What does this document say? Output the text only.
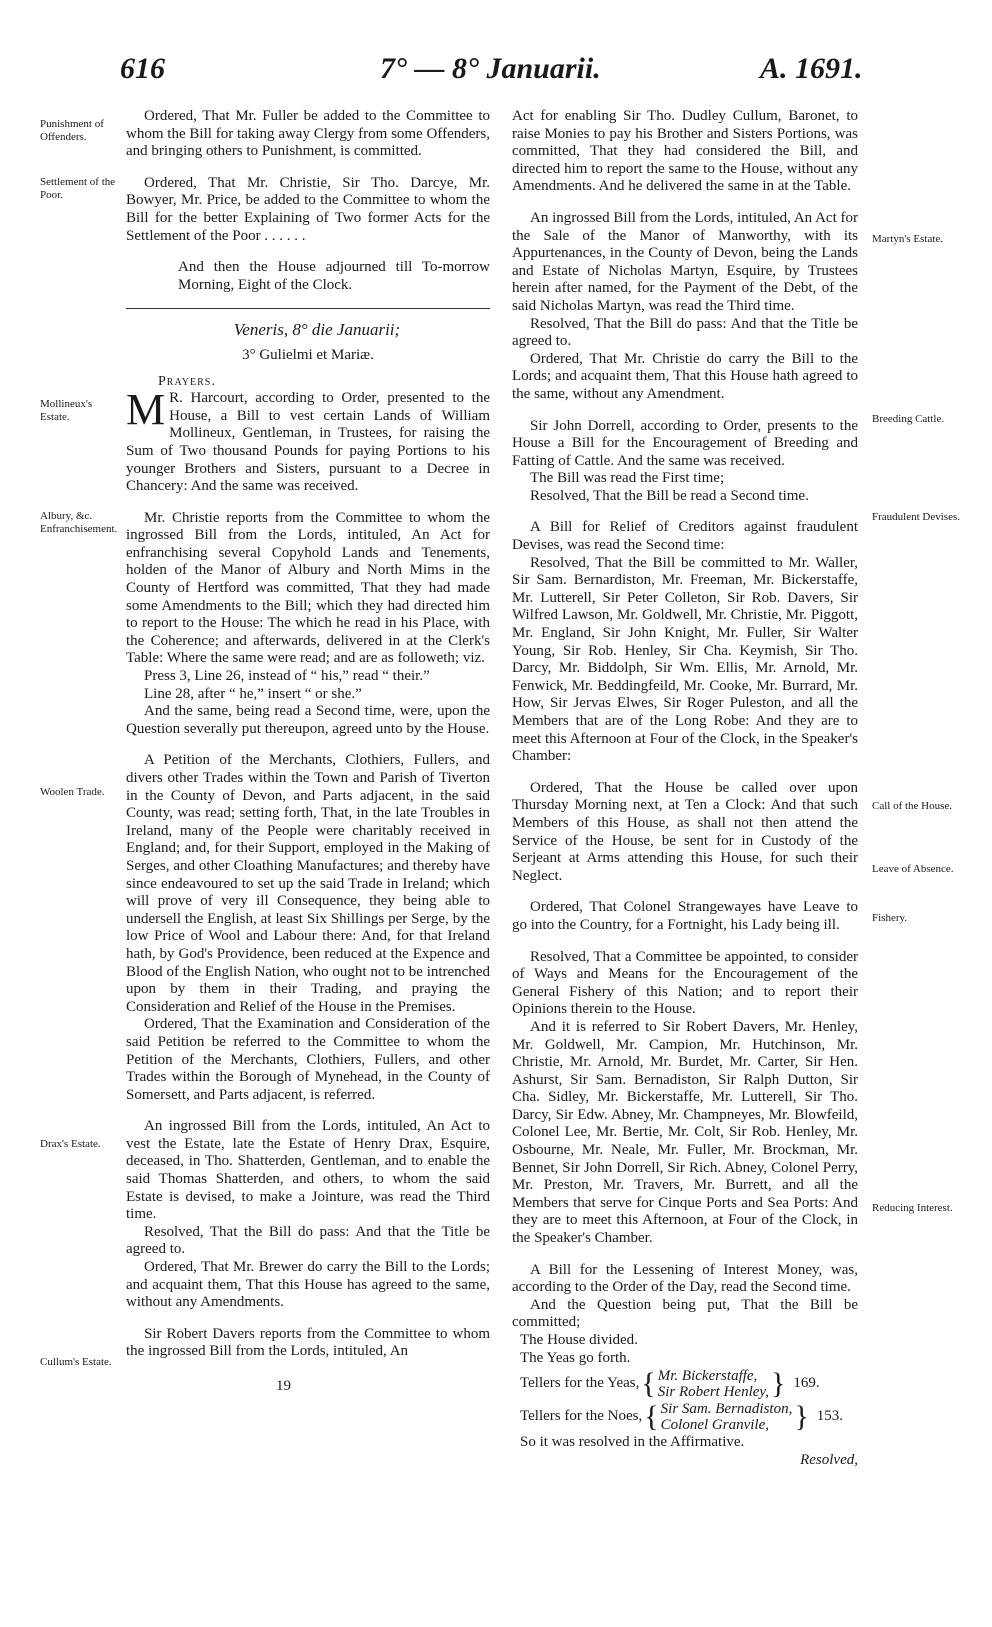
616	7° — 8° Januarii.	A. 1691.
Punishment of Offenders.
Settlement of the Poor.
Mollineux's Estate.
Albury, &c. Enfranchisement.
Woolen Trade.
Drax's Estate.
Cullum's Estate.
Martyn's Estate.
Breeding Cattle.
Fraudulent Devises.
Call of the House.
Leave of Absence.
Fishery.
Reducing Interest.

Ordered, That Mr. Fuller be added to the Committee to whom the Bill for taking away Clergy from some Offenders, and bringing others to Punishment, is committed.

Ordered, That Mr. Christie, Sir Tho. Darcye, Mr. Bowyer, Mr. Price, be added to the Committee to whom the Bill for the better Explaining of Two former Acts for the Settlement of the Poor . . . . . .

And then the House adjourned till To-morrow Morning, Eight of the Clock.

Veneris, 8° die Januarii;

3° Gulielmi et Mariæ.

Prayers.

M R. Harcourt, according to Order, presented to the House, a Bill to vest certain Lands of William Mollineux, Gentleman, in Trustees, for raising the Sum of Two thousand Pounds for paying Portions to his younger Brothers and Sisters, pursuant to a Decree in Chancery: And the same was received.

Mr. Christie reports from the Committee to whom the ingrossed Bill from the Lords, intituled, An Act for enfranchising several Copyhold Lands and Tenements, holden of the Manor of Albury and North Mims in the County of Hertford was committed, That they had made some Amendments to the Bill; which they had directed him to report to the House: The which he read in his Place, with the Coherence; and afterwards, delivered in at the Clerk's Table: Where the same were read; and are as followeth; viz.

Press 3, Line 26, instead of “ his,” read “ their.”

Line 28, after “ he,” insert “ or she.”

And the same, being read a Second time, were, upon the Question severally put thereupon, agreed unto by the House.

A Petition of the Merchants, Clothiers, Fullers, and divers other Trades within the Town and Parish of Tiverton in the County of Devon, and Parts adjacent, in the said County, was read; setting forth, That, in the late Troubles in Ireland, many of the People were charitably received in England; and, for their Support, employed in the Making of Serges, and other Cloathing Manufactures; and thereby have since endeavoured to set up the said Trade in Ireland; which will prove of very ill Consequence, they being able to undersell the English, at least Six Shillings per Serge, by the low Price of Wool and Labour there: And, for that Ireland hath, by God's Providence, been reduced at the Expence and Blood of the English Nation, who ought not to be intrenched upon by them in their Trading, and praying the Consideration and Relief of the House in the Premises.

Ordered, That the Examination and Consideration of the said Petition be referred to the Committee to whom the Petition of the Merchants, Clothiers, Fullers, and other Trades within the Borough of Mynehead, in the County of Somersett, and Parts adjacent, is referred.

An ingrossed Bill from the Lords, intituled, An Act to vest the Estate, late the Estate of Henry Drax, Esquire, deceased, in Tho. Shatterden, Gentleman, and to enable the said Thomas Shatterden, and others, to whom the said Estate is devised, to make a Jointure, was read the Third time.

Resolved, That the Bill do pass: And that the Title be agreed to.

Ordered, That Mr. Brewer do carry the Bill to the Lords; and acquaint them, That this House has agreed to the same, without any Amendments.

Sir Robert Davers reports from the Committee to whom the ingrossed Bill from the Lords, intituled, An

19

Act for enabling Sir Tho. Dudley Cullum, Baronet, to raise Monies to pay his Brother and Sisters Portions, was committed, That they had considered the Bill, and directed him to report the same to the House, without any Amendments. And he delivered the same in at the Table.

An ingrossed Bill from the Lords, intituled, An Act for the Sale of the Manor of Manworthy, with its Appurtenances, in the County of Devon, being the Lands and Estate of Nicholas Martyn, Esquire, by Trustees herein after named, for the Payment of the Debt, of the said Nicholas Martyn, was read the Third time.

Resolved, That the Bill do pass: And that the Title be agreed to.

Ordered, That Mr. Christie do carry the Bill to the Lords; and acquaint them, That this House hath agreed to the same, without any Amendment.

Sir John Dorrell, according to Order, presents to the House a Bill for the Encouragement of Breeding and Fatting of Cattle. And the same was received.

The Bill was read the First time;

Resolved, That the Bill be read a Second time.

A Bill for Relief of Creditors against fraudulent Devises, was read the Second time:

Resolved, That the Bill be committed to Mr. Waller, Sir Sam. Bernardiston, Mr. Freeman, Mr. Bickerstaffe, Mr. Lutterell, Sir Peter Colleton, Sir Rob. Davers, Sir Wilfred Lawson, Mr. Goldwell, Mr. Christie, Mr. Piggott, Mr. England, Sir John Knight, Mr. Fuller, Sir Walter Young, Sir Rob. Henley, Sir Cha. Keymish, Sir Tho. Darcy, Mr. Biddolph, Sir Wm. Ellis, Mr. Arnold, Mr. Fenwick, Mr. Beddingfeild, Mr. Cooke, Mr. Burrard, Mr. How, Sir Jervas Elwes, Sir Roger Puleston, and all the Members that are of the Long Robe: And they are to meet this Afternoon at Four of the Clock, in the Speaker's Chamber:

Ordered, That the House be called over upon Thursday Morning next, at Ten a Clock: And that such Members of this House, as shall not then attend the Service of the House, be sent for in Custody of the Serjeant at Arms attending this House, for such their Neglect.

Ordered, That Colonel Strangewayes have Leave to go into the Country, for a Fortnight, his Lady being ill.

Resolved, That a Committee be appointed, to consider of Ways and Means for the Encouragement of the General Fishery of this Nation; and to report their Opinions therein to the House.

And it is referred to Sir Robert Davers, Mr. Henley, Mr. Goldwell, Mr. Campion, Mr. Hutchinson, Mr. Christie, Mr. Arnold, Mr. Burdet, Mr. Carter, Sir Hen. Ashurst, Sir Sam. Bernadiston, Sir Ralph Dutton, Sir Cha. Sidley, Mr. Bickerstaffe, Mr. Lutterell, Sir Tho. Darcy, Sir Edw. Abney, Mr. Champneyes, Mr. Blowfeild, Colonel Lee, Mr. Bertie, Mr. Colt, Sir Rob. Henley, Mr. Osbourne, Mr. Neale, Mr. Fuller, Mr. Brockman, Mr. Bennet, Sir John Dorrell, Sir Rich. Abney, Colonel Perry, Mr. Preston, Mr. Travers, Mr. Burrett, and all the Members that serve for Cinque Ports and Sea Ports: And they are to meet this Afternoon, at Four of the Clock, in the Speaker's Chamber.

A Bill for the Lessening of Interest Money, was, according to the Order of the Day, read the Second time.

And the Question being put, That the Bill be committed;

The House divided.

The Yeas go forth.

Tellers for the Yeas, { Mr. Bickerstaffe,
Sir Robert Henley, } 169.
Tellers for the Noes, { Sir Sam. Bernadiston,
Colonel Granvile, } 153.

So it was resolved in the Affirmative.

Resolved,
